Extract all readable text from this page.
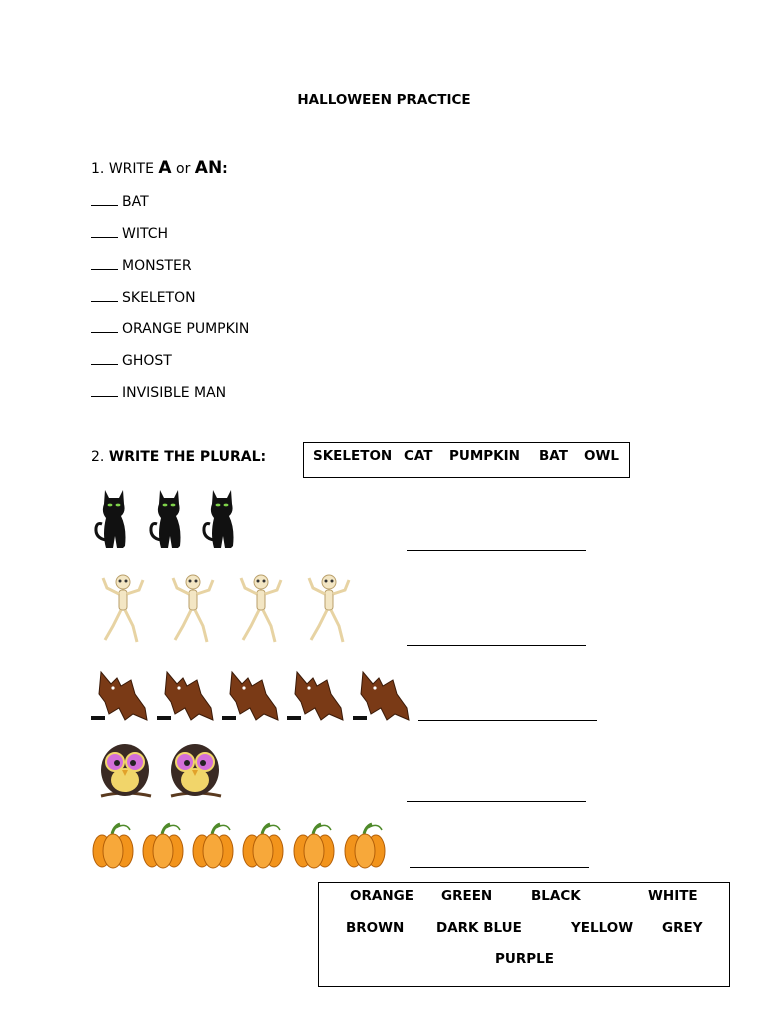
HALLOWEEN PRACTICE
1. WRITE A or AN:
BAT
WITCH
MONSTER
SKELETON
ORANGE PUMPKIN
GHOST
INVISIBLE MAN
2. WRITE THE PLURAL:	SKELETON CAT PUMPKIN BAT OWL
ORANGE GREEN	BLACK	WHITE
BROWN DARK BLUE	YELLOW GREY
PURPLE
